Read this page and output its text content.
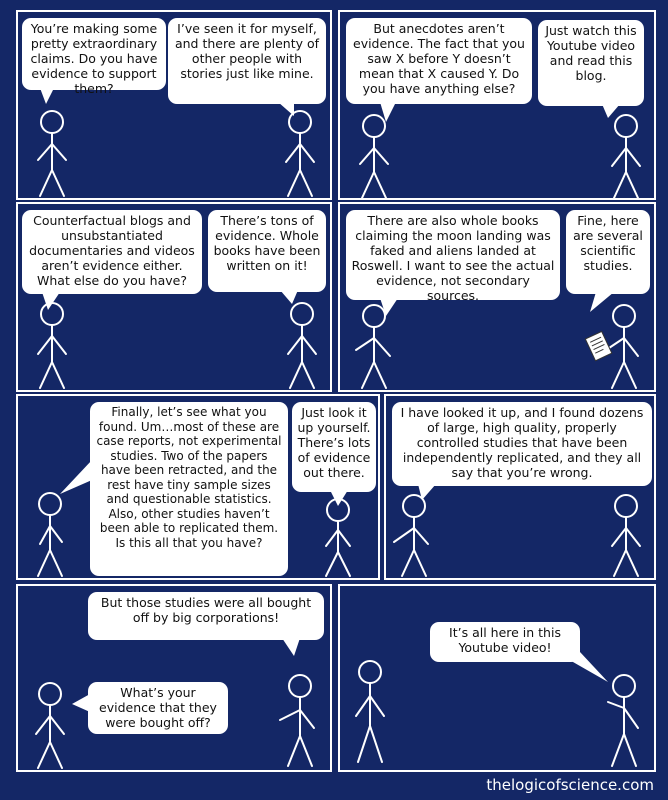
You’re making some pretty extraordinary claims. Do you have evidence to support them?
I’ve seen it for myself, and there are plenty of other people with stories just like mine.
But anecdotes aren’t evidence. The fact that you saw X before Y doesn’t mean that X caused Y. Do you have anything else?
Just watch this Youtube video and read this blog.
Counterfactual blogs and unsubstantiated documentaries and videos aren’t evidence either. What else do you have?
There’s tons of evidence. Whole books have been written on it!
There are also whole books claiming the moon landing was faked and aliens landed at Roswell. I want to see the actual evidence, not secondary sources.
Fine, here are several scientific studies.
Finally, let’s see what you found. Um…most of these are case reports, not experimental studies. Two of the papers have been retracted, and the rest have tiny sample sizes and questionable statistics. Also, other studies haven’t been able to replicated them. Is this all that you have?
Just look it up yourself. There’s lots of evidence out there.
I have looked it up, and I found dozens of large, high quality, properly controlled studies that have been independently replicated, and they all say that you’re wrong.
But those studies were all bought off by big corporations!
What’s your evidence that they were bought off?
It’s all here in this Youtube video!
thelogicofscience.com
